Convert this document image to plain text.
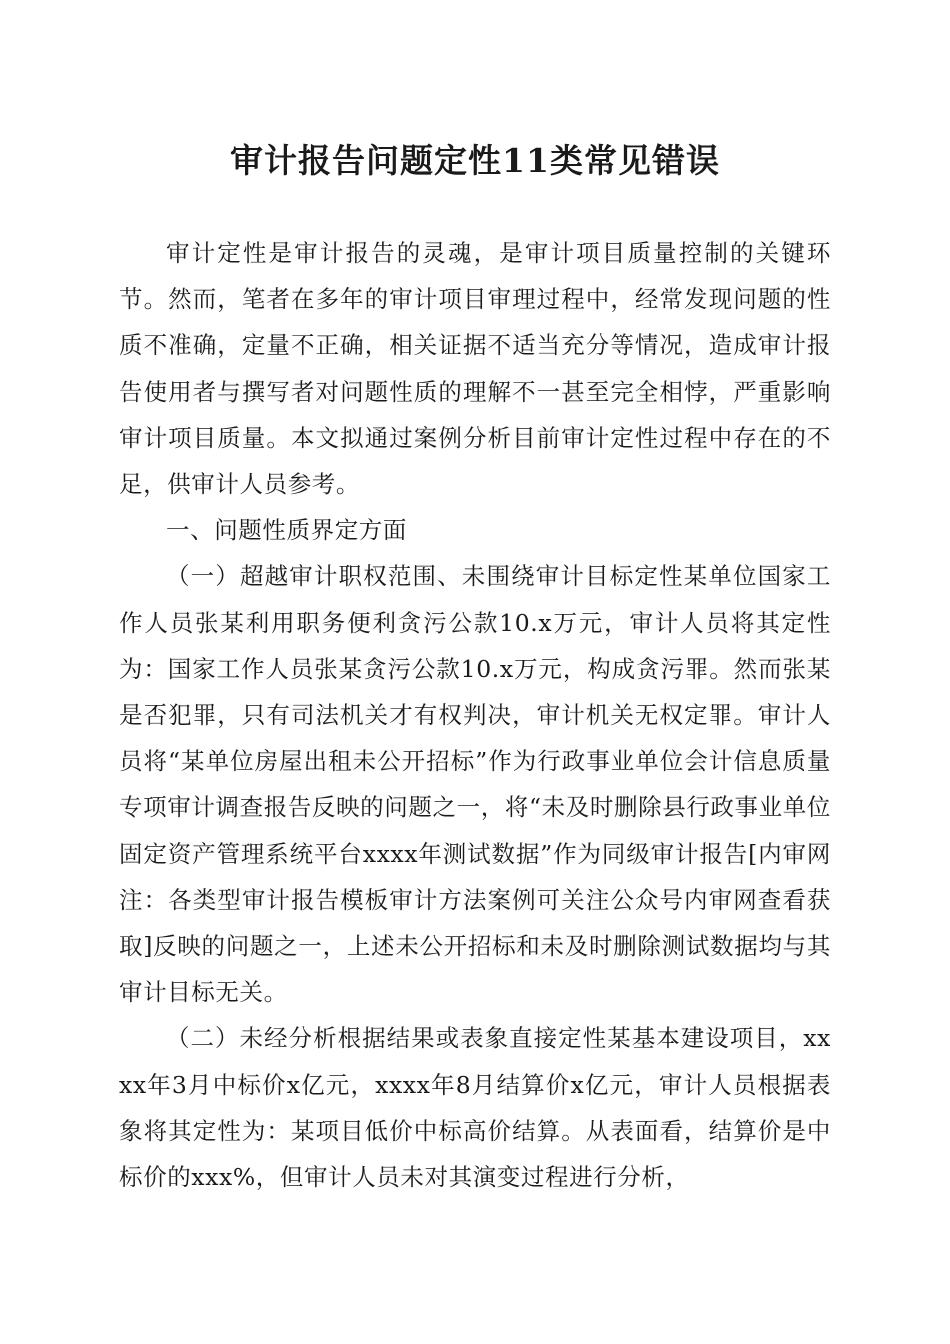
审计报告问题定性11类常见错误

审计定性是审计报告的灵魂，是审计项目质量控制的关键环节。然而，笔者在多年的审计项目审理过程中，经常发现问题的性质不准确，定量不正确，相关证据不适当充分等情况，造成审计报告使用者与撰写者对问题性质的理解不一甚至完全相悖，严重影响审计项目质量。本文拟通过案例分析目前审计定性过程中存在的不足，供审计人员参考。

一、问题性质界定方面

（一）超越审计职权范围、未围绕审计目标定性某单位国家工作人员张某利用职务便利贪污公款10.x万元，审计人员将其定性为：国家工作人员张某贪污公款10.x万元，构成贪污罪。然而张某是否犯罪，只有司法机关才有权判决，审计机关无权定罪。审计人员将“某单位房屋出租未公开招标”作为行政事业单位会计信息质量专项审计调查报告反映的问题之一，将“未及时删除县行政事业单位固定资产管理系统平台xxxx年测试数据”作为同级审计报告[内审网注：各类型审计报告模板审计方法案例可关注公众号内审网查看获取]反映的问题之一，上述未公开招标和未及时删除测试数据均与其审计目标无关。

（二）未经分析根据结果或表象直接定性某基本建设项目，xxxx年3月中标价x亿元，xxxx年8月结算价x亿元，审计人员根据表象将其定性为：某项目低价中标高价结算。从表面看，结算价是中标价的xxx%，但审计人员未对其演变过程进行分析，
